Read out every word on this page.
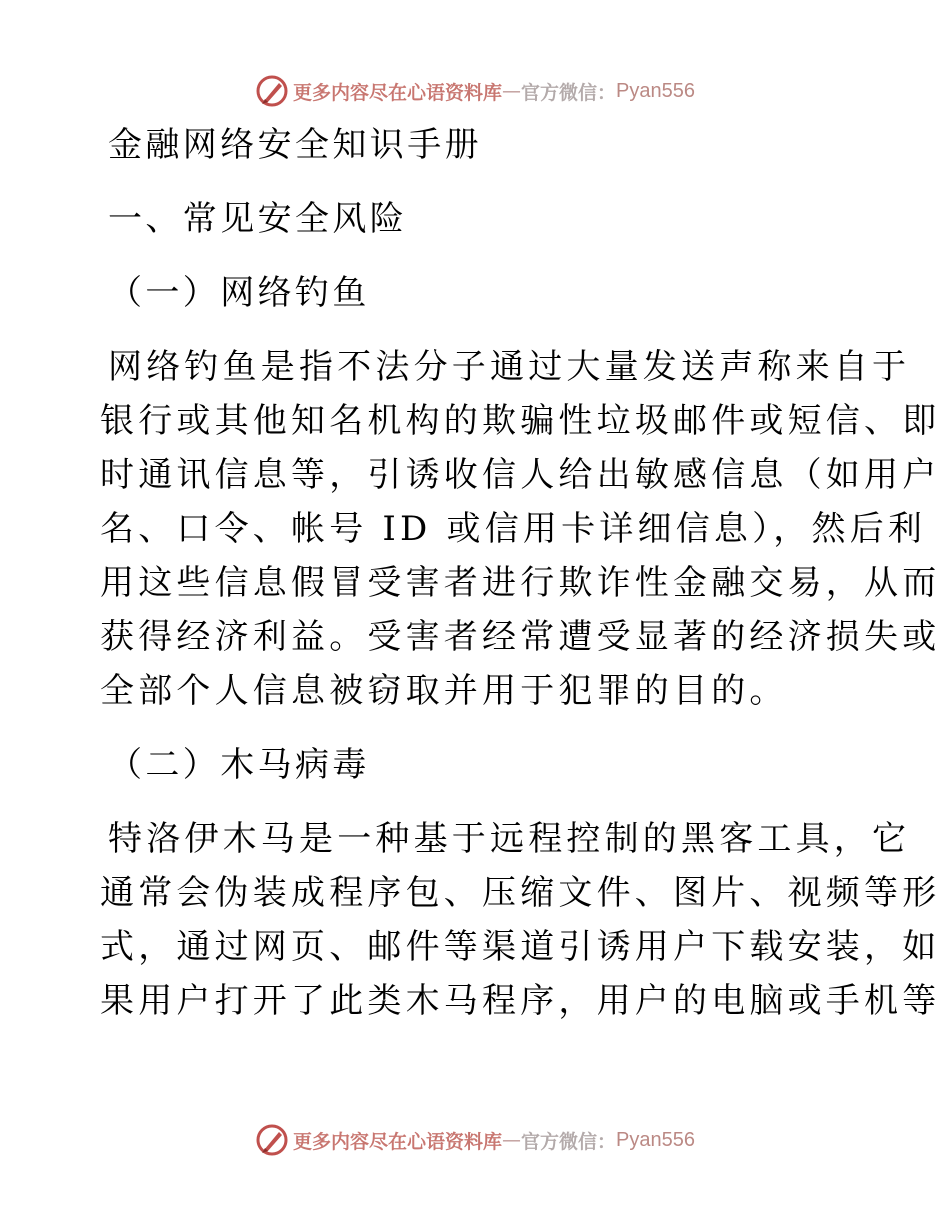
更多内容尽在心语资料库 — 官方微信： Pyan556
金融网络安全知识手册
一、常见安全风险
（一）网络钓鱼
网络钓鱼是指不法分子通过大量发送声称来自于
银行或其他知名机构的欺骗性垃圾邮件或短信、即
时通讯信息等，引诱收信人给出敏感信息（如用户
名、口令、帐号 ID 或信用卡详细信息），然后利
用这些信息假冒受害者进行欺诈性金融交易，从而
获得经济利益。受害者经常遭受显著的经济损失或
全部个人信息被窃取并用于犯罪的目的。
（二）木马病毒
特洛伊木马是一种基于远程控制的黑客工具，它
通常会伪装成程序包、压缩文件、图片、视频等形
式，通过网页、邮件等渠道引诱用户下载安装，如
果用户打开了此类木马程序，用户的电脑或手机等
更多内容尽在心语资料库 — 官方微信： Pyan556
